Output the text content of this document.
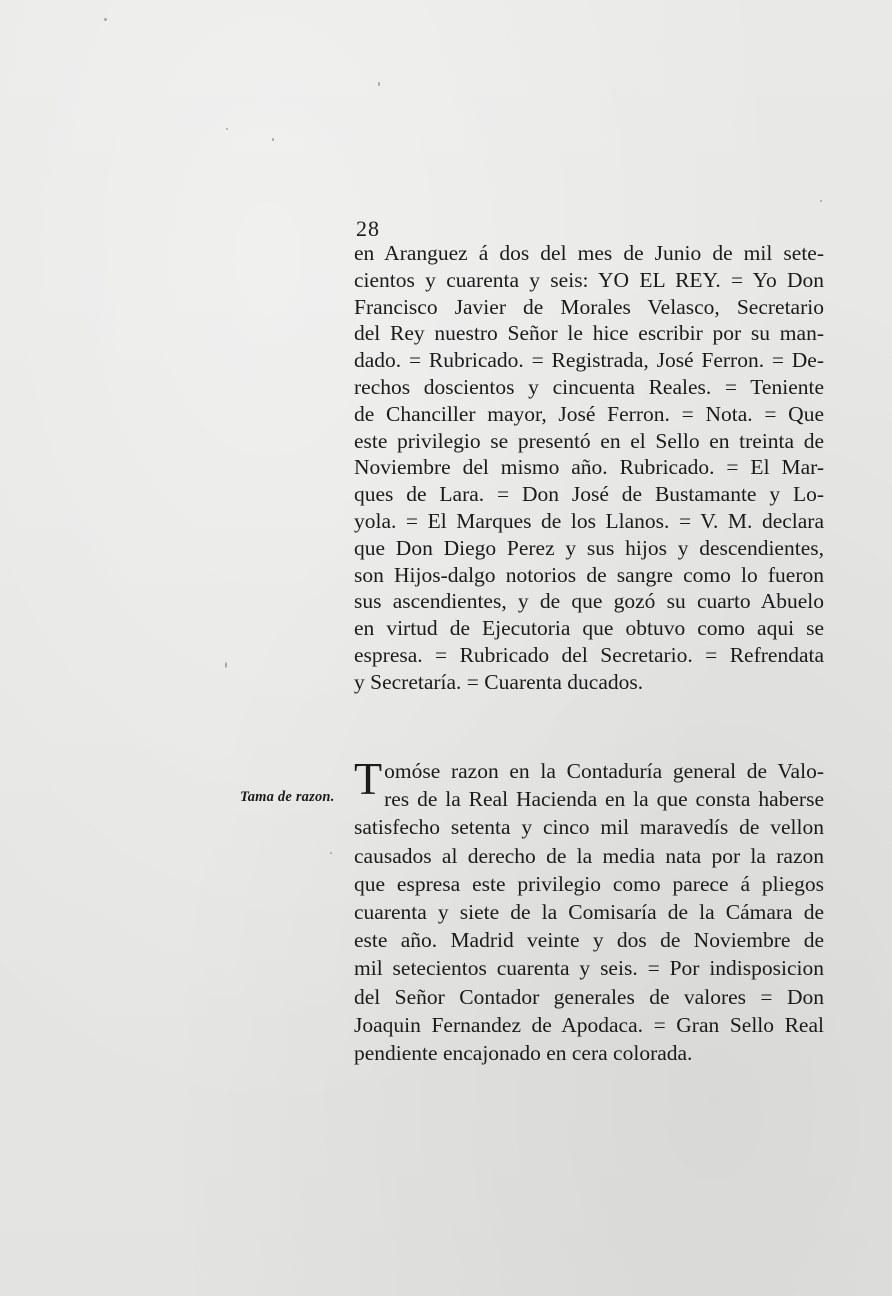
28
en Aranguez á dos del mes de Junio de mil sete-
cientos y cuarenta y seis: YO EL REY. = Yo Don
Francisco Javier de Morales Velasco, Secretario
del Rey nuestro Señor le hice escribir por su man-
dado. = Rubricado. = Registrada, José Ferron. = De-
rechos doscientos y cincuenta Reales. = Teniente
de Chanciller mayor, José Ferron. = Nota. = Que
este privilegio se presentó en el Sello en treinta de
Noviembre del mismo año. Rubricado. = El Mar-
ques de Lara. = Don José de Bustamante y Lo-
yola. = El Marques de los Llanos. = V. M. declara
que Don Diego Perez y sus hijos y descendientes,
son Hijos-dalgo notorios de sangre como lo fueron
sus ascendientes, y de que gozó su cuarto Abuelo
en virtud de Ejecutoria que obtuvo como aqui se
espresa. = Rubricado del Secretario. = Refrendata
y Secretaría. = Cuarenta ducados.
Tama de razon. T omóse razon en la Contaduría general de Valo-
res de la Real Hacienda en la que consta haberse
satisfecho setenta y cinco mil maravedís de vellon
causados al derecho de la media nata por la razon
que espresa este privilegio como parece á pliegos
cuarenta y siete de la Comisaría de la Cámara de
este año. Madrid veinte y dos de Noviembre de
mil setecientos cuarenta y seis. = Por indisposicion
del Señor Contador generales de valores = Don
Joaquin Fernandez de Apodaca. = Gran Sello Real
pendiente encajonado en cera colorada.
